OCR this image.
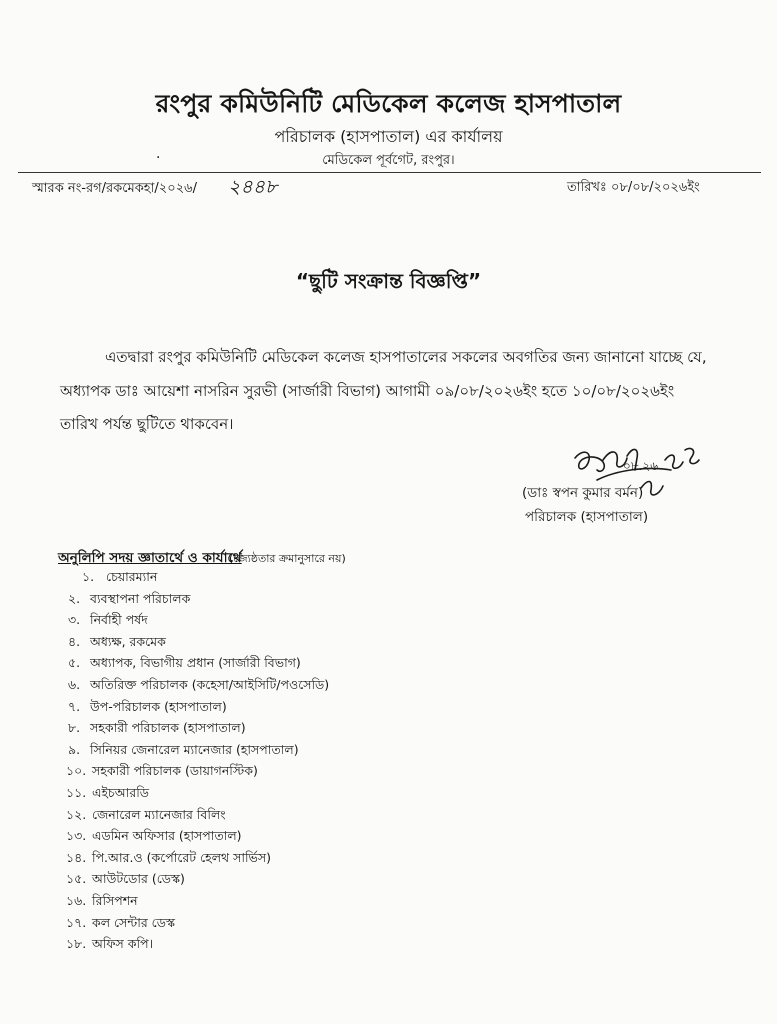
রংপুর কমিউনিটি মেডিকেল কলেজ হাসপাতাল
পরিচালক (হাসপাতাল) এর কার্যালয়
.	মেডিকেল পূর্বগেট, রংপুর।
স্মারক নং-রগ/রকমেকহা/২০২৬/ ২৪৪৮	তারিখঃ ০৮/০৮/২০২৬ইং
“ছুটি সংক্রান্ত বিজ্ঞপ্তি”
এতদ্বারা রংপুর কমিউনিটি মেডিকেল কলেজ হাসপাতালের সকলের অবগতির জন্য জানানো যাচ্ছে যে,
অধ্যাপক ডাঃ আয়েশা নাসরিন সুরভী (সার্জারী বিভাগ) আগামী ০৯/০৮/২০২৬ইং হতে ১০/০৮/২০২৬ইং
তারিখ পর্যন্ত ছুটিতে থাকবেন।
০৮.২৬
(ডাঃ স্বপন কুমার বর্মন)
পরিচালক (হাসপাতাল)
অনুলিপি সদয় জ্ঞাতার্থে ও কার্যার্থে
(জ্যেষ্ঠতার ক্রমানুসারে নয়)
১. চেয়ারম্যান
২. ব্যবস্থাপনা পরিচালক
৩. নির্বাহী পর্ষদ
৪. অধ্যক্ষ, রকমেক
৫. অধ্যাপক, বিভাগীয় প্রধান (সার্জারী বিভাগ)
৬. অতিরিক্ত পরিচালক (কহেসা/আইসিটি/পওসেডি)
৭. উপ-পরিচালক (হাসপাতাল)
৮. সহকারী পরিচালক (হাসপাতাল)
৯. সিনিয়র জেনারেল ম্যানেজার (হাসপাতাল)
১০. সহকারী পরিচালক (ডায়াগনস্টিক)
১১. এইচআরডি
১২. জেনারেল ম্যানেজার বিলিং
১৩. এডমিন অফিসার (হাসপাতাল)
১৪. পি.আর.ও (কর্পোরেট হেলথ সার্ভিস)
১৫. আউটডোর (ডেস্ক)
১৬. রিসিপশন
১৭. কল সেন্টার ডেস্ক
১৮. অফিস কপি।
